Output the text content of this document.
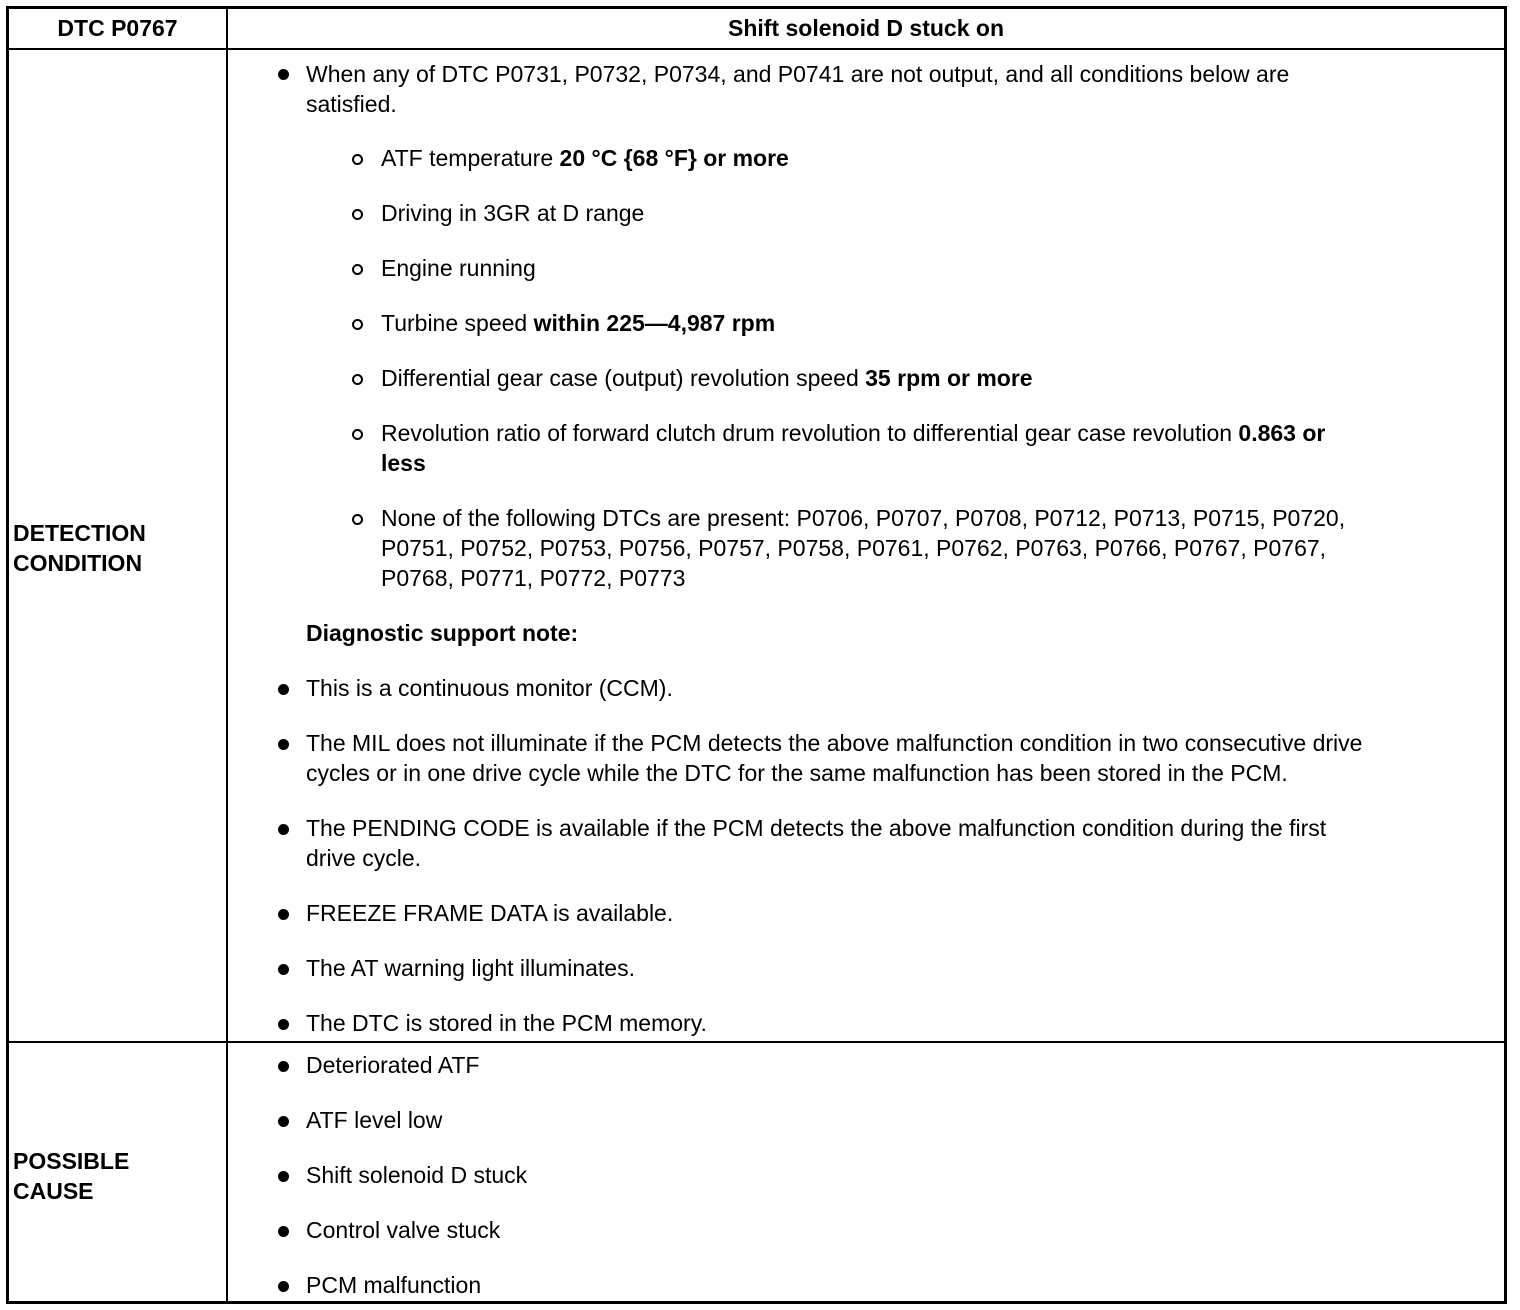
DTC P0767	Shift solenoid D stuck on
DETECTION
CONDITION
When any of DTC P0731, P0732, P0734, and P0741 are not output, and all conditions below are
satisfied.
ATF temperature 20 °C {68 °F} or more
Driving in 3GR at D range
Engine running
Turbine speed within 225—4,987 rpm
Differential gear case (output) revolution speed 35 rpm or more
Revolution ratio of forward clutch drum revolution to differential gear case revolution 0.863 or
less
None of the following DTCs are present: P0706, P0707, P0708, P0712, P0713, P0715, P0720,
P0751, P0752, P0753, P0756, P0757, P0758, P0761, P0762, P0763, P0766, P0767, P0767,
P0768, P0771, P0772, P0773
Diagnostic support note:
This is a continuous monitor (CCM).
The MIL does not illuminate if the PCM detects the above malfunction condition in two consecutive drive
cycles or in one drive cycle while the DTC for the same malfunction has been stored in the PCM.
The PENDING CODE is available if the PCM detects the above malfunction condition during the first
drive cycle.
FREEZE FRAME DATA is available.
The AT warning light illuminates.
The DTC is stored in the PCM memory.
POSSIBLE
CAUSE
Deteriorated ATF
ATF level low
Shift solenoid D stuck
Control valve stuck
PCM malfunction
